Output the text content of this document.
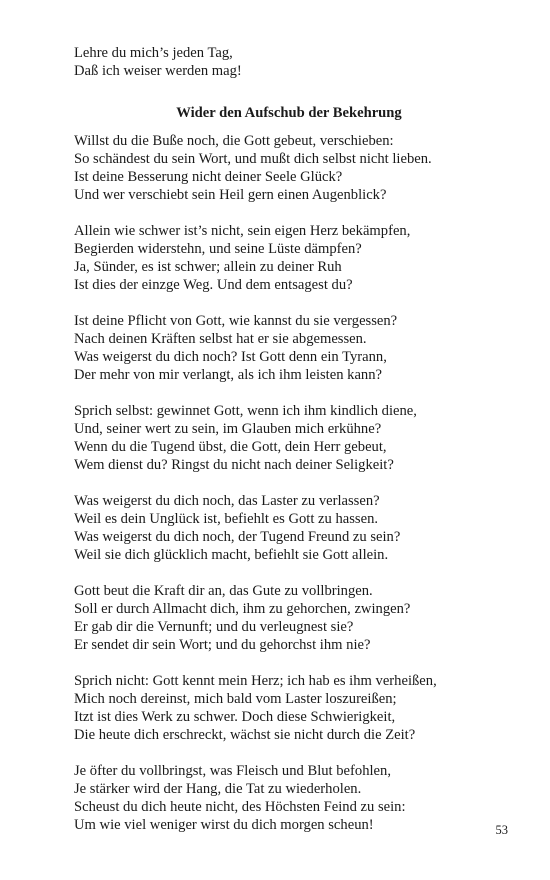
Lehre du mich’s jeden Tag,
Daß ich weiser werden mag!
Wider den Aufschub der Bekehrung
Willst du die Buße noch, die Gott gebeut, verschieben:
So schändest du sein Wort, und mußt dich selbst nicht lieben.
Ist deine Besserung nicht deiner Seele Glück?
Und wer verschiebt sein Heil gern einen Augenblick?
Allein wie schwer ist’s nicht, sein eigen Herz bekämpfen,
Begierden widerstehn, und seine Lüste dämpfen?
Ja, Sünder, es ist schwer; allein zu deiner Ruh
Ist dies der einzge Weg. Und dem entsagest du?
Ist deine Pflicht von Gott, wie kannst du sie vergessen?
Nach deinen Kräften selbst hat er sie abgemessen.
Was weigerst du dich noch? Ist Gott denn ein Tyrann,
Der mehr von mir verlangt, als ich ihm leisten kann?
Sprich selbst: gewinnet Gott, wenn ich ihm kindlich diene,
Und, seiner wert zu sein, im Glauben mich erkühne?
Wenn du die Tugend übst, die Gott, dein Herr gebeut,
Wem dienst du? Ringst du nicht nach deiner Seligkeit?
Was weigerst du dich noch, das Laster zu verlassen?
Weil es dein Unglück ist, befiehlt es Gott zu hassen.
Was weigerst du dich noch, der Tugend Freund zu sein?
Weil sie dich glücklich macht, befiehlt sie Gott allein.
Gott beut die Kraft dir an, das Gute zu vollbringen.
Soll er durch Allmacht dich, ihm zu gehorchen, zwingen?
Er gab dir die Vernunft; und du verleugnest sie?
Er sendet dir sein Wort; und du gehorchst ihm nie?
Sprich nicht: Gott kennt mein Herz; ich hab es ihm verheißen,
Mich noch dereinst, mich bald vom Laster loszureißen;
Itzt ist dies Werk zu schwer. Doch diese Schwierigkeit,
Die heute dich erschreckt, wächst sie nicht durch die Zeit?
Je öfter du vollbringst, was Fleisch und Blut befohlen,
Je stärker wird der Hang, die Tat zu wiederholen.
Scheust du dich heute nicht, des Höchsten Feind zu sein:
Um wie viel weniger wirst du dich morgen scheun!	53
